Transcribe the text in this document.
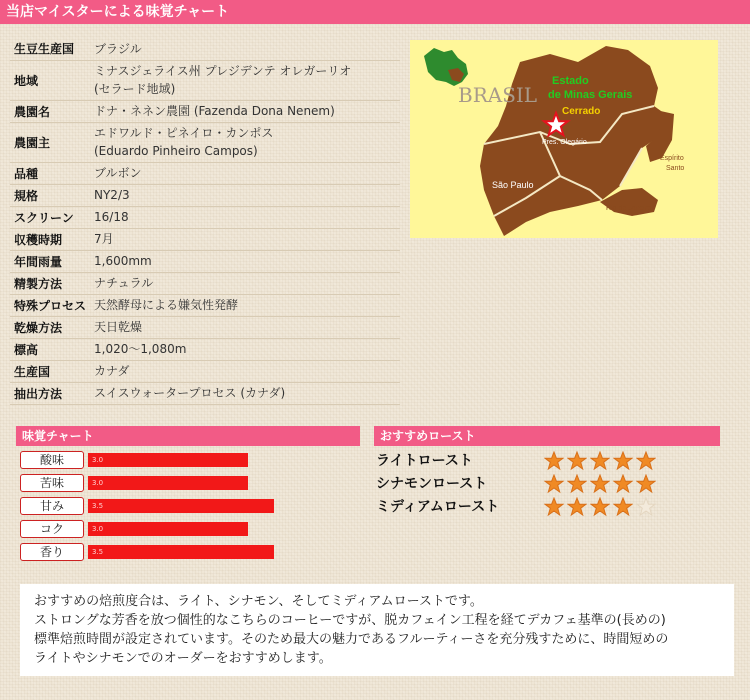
当店マイスターによる味覚チャート
生豆生産国	ブラジル

地域	ミナスジェライス州 プレジデンテ オレガーリオ
(セラード地域)

農園名	ドナ・ネネン農園 (Fazenda Dona Nenem)

農園主	エドワルド・ピネイロ・カンポス
(Eduardo Pinheiro Campos)

品種	ブルボン

規格	NY2/3

スクリーン	16/18

収穫時期	7月

年間雨量	1,600mm

精製方法	ナチュラル

特殊プロセス	天然酵母による嫌気性発酵

乾燥方法	天日乾燥

標高	1,020〜1,080m

生産国	カナダ

抽出方法	スイスウォータープロセス (カナダ)
BRASIL
Estado
de Minas Gerais
Cerrado
Pres. Olegário
São Paulo
Rio de Janeiro
Espírito
Santo
味覚チャート
酸味	3.0
苦味	3.0
甘み	3.5
コク	3.0
香り	3.5
おすすめロースト
ライトロースト
シナモンロースト
ミディアムロースト
おすすめの焙煎度合は、ライト、シナモン、そしてミディアムローストです。
ストロングな芳香を放つ個性的なこちらのコーヒーですが、脱カフェイン工程を経てデカフェ基準の(長めの)
標準焙煎時間が設定されています。そのため最大の魅力であるフルーティーさを充分残すために、時間短めの
ライトやシナモンでのオーダーをおすすめします。
